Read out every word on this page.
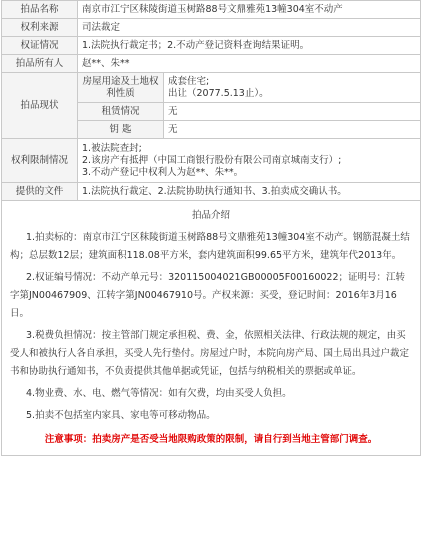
拍品名称	南京市江宁区秣陵街道玉树路88号文鼎雅苑13幢304室不动产	
权利来源	司法裁定	
权证情况	1.法院执行裁定书；2.不动产登记资料查询结果证明。	
拍品所有人	赵**、朱**	
拍品现状	房屋用途及土地权利性质	成套住宅;
出让（2077.5.13止）。

	租赁情况	无
	钥 匙	无
权利限制情况	1.被法院查封;
2.该房产有抵押（中国工商银行股份有限公司南京城南支行）;
3.不动产登记中权利人为赵**、朱**。	

提供的文件	1.法院执行裁定、2.法院协助执行通知书、3.拍卖成交确认书。	
拍品介绍

1.拍卖标的：南京市江宁区秣陵街道玉树路88号文鼎雅苑13幢304室不动产。钢筋混凝土结构；总层数12层；建筑面积118.08平方米，套内建筑面积99.65平方米，建筑年代2013年。

2.权证编号情况：不动产单元号：320115004021GB00005F00160022；证明号：江转字第JN00467909、江转字第JN00467910号。产权来源：买受，登记时间：2016年3月16日。

3.税费负担情况：按主管部门规定承担税、费、金，依照相关法律、行政法规的规定，由买受人和被执行人各自承担，买受人先行垫付。房屋过户时，本院向房产局、国土局出具过户裁定书和协助执行通知书，不负责提供其他单据或凭证，包括与纳税相关的票据或单证。

4.物业费、水、电、燃气等情况：如有欠费，均由买受人负担。

5.拍卖不包括室内家具、家电等可移动物品。

注意事项：拍卖房产是否受当地限购政策的限制，请自行到当地主管部门调查。
